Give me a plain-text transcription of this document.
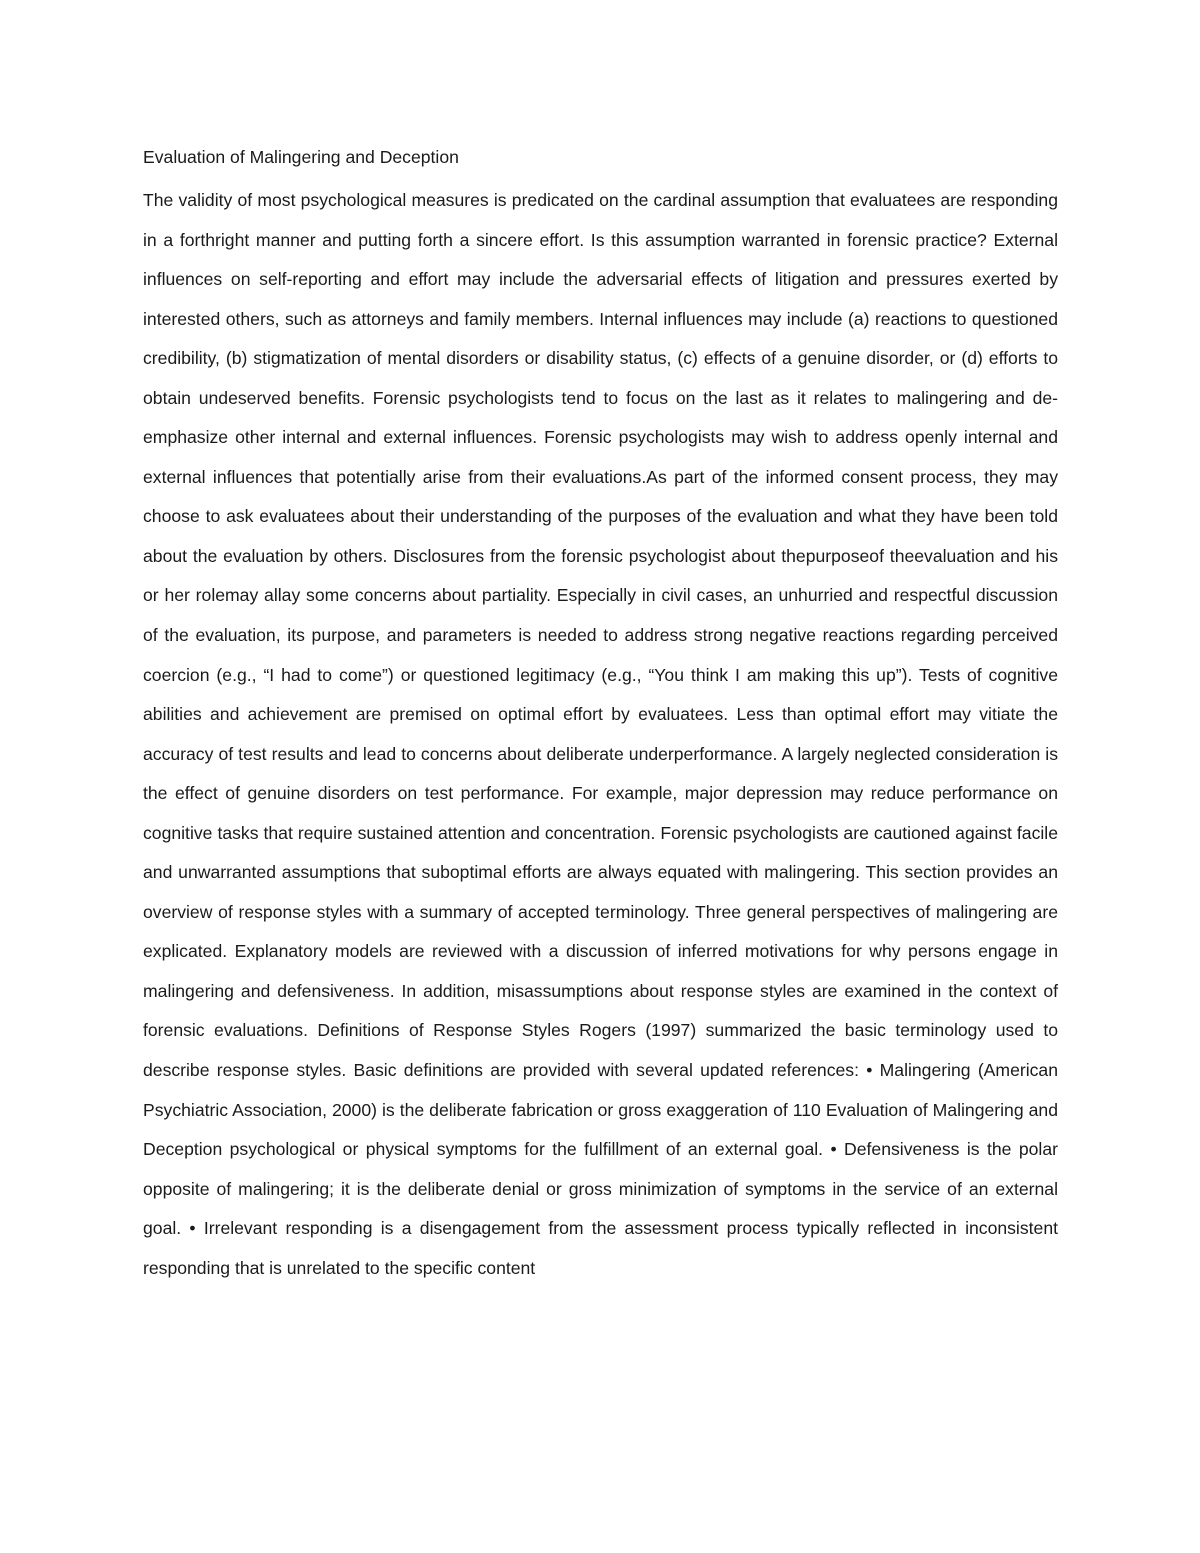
Evaluation of Malingering and Deception

The validity of most psychological measures is predicated on the cardinal assumption that evaluatees are responding in a forthright manner and putting forth a sincere effort. Is this assumption warranted in forensic practice? External influences on self-reporting and effort may include the adversarial effects of litigation and pressures exerted by interested others, such as attorneys and family members. Internal influences may include (a) reactions to questioned credibility, (b) stigmatization of mental disorders or disability status, (c) effects of a genuine disorder, or (d) efforts to obtain undeserved benefits. Forensic psychologists tend to focus on the last as it relates to malingering and de-emphasize other internal and external influences. Forensic psychologists may wish to address openly internal and external influences that potentially arise from their evaluations.As part of the informed consent process, they may choose to ask evaluatees about their understanding of the purposes of the evaluation and what they have been told about the evaluation by others. Disclosures from the forensic psychologist about thepurposeof theevaluation and his or her rolemay allay some concerns about partiality. Especially in civil cases, an unhurried and respectful discussion of the evaluation, its purpose, and parameters is needed to address strong negative reactions regarding perceived coercion (e.g., “I had to come”) or questioned legitimacy (e.g., “You think I am making this up”). Tests of cognitive abilities and achievement are premised on optimal effort by evaluatees. Less than optimal effort may vitiate the accuracy of test results and lead to concerns about deliberate underperformance. A largely neglected consideration is the effect of genuine disorders on test performance. For example, major depression may reduce performance on cognitive tasks that require sustained attention and concentration. Forensic psychologists are cautioned against facile and unwarranted assumptions that suboptimal efforts are always equated with malingering. This section provides an overview of response styles with a summary of accepted terminology. Three general perspectives of malingering are explicated. Explanatory models are reviewed with a discussion of inferred motivations for why persons engage in malingering and defensiveness. In addition, misassumptions about response styles are examined in the context of forensic evaluations. Definitions of Response Styles Rogers (1997) summarized the basic terminology used to describe response styles. Basic definitions are provided with several updated references: • Malingering (American Psychiatric Association, 2000) is the deliberate fabrication or gross exaggeration of 110 Evaluation of Malingering and Deception psychological or physical symptoms for the fulfillment of an external goal. • Defensiveness is the polar opposite of malingering; it is the deliberate denial or gross minimization of symptoms in the service of an external goal. • Irrelevant responding is a disengagement from the assessment process typically reflected in inconsistent responding that is unrelated to the specific content
